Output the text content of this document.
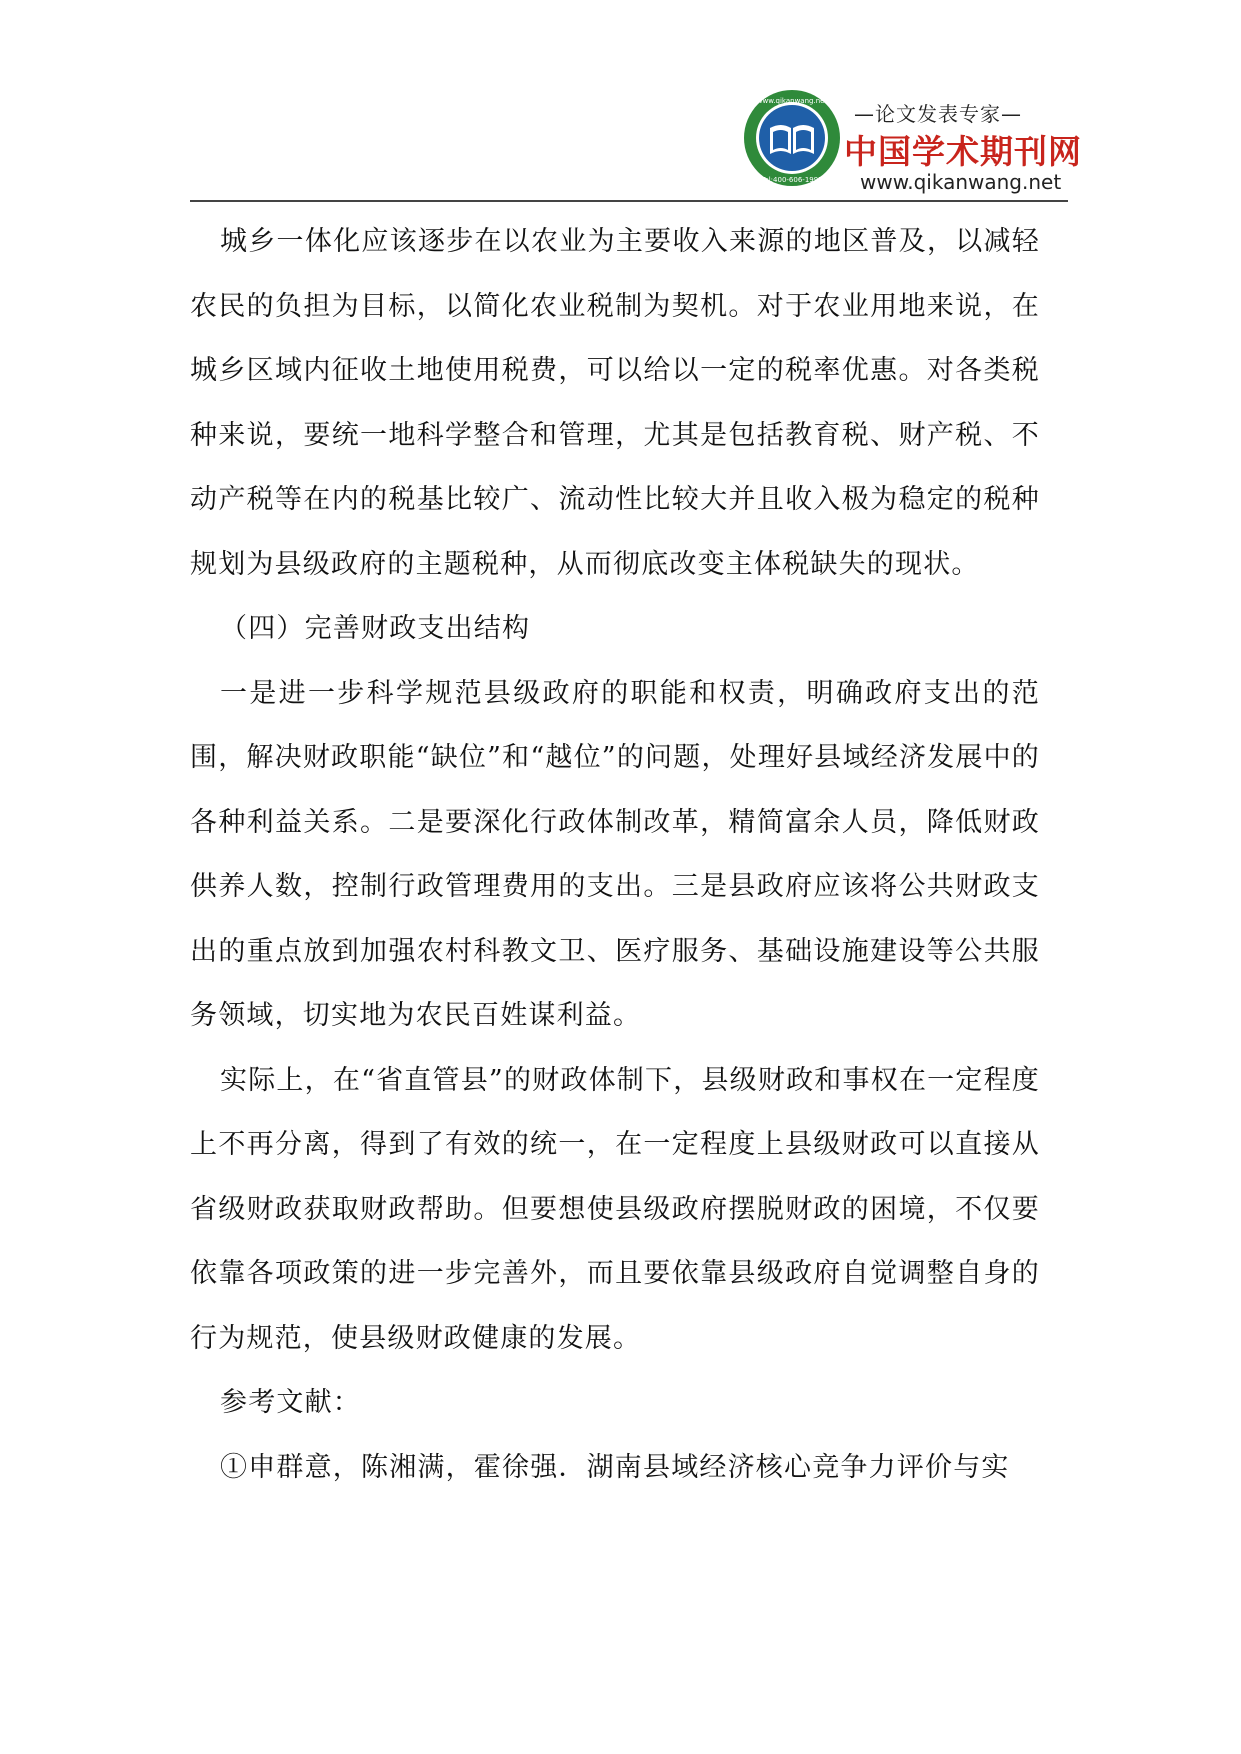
www.qikanwang.net
Tel:400-606-1997
—论文发表专家—
中国学术期刊网
www.qikanwang.net

城乡一体化应该逐步在以农业为主要收入来源的地区普及，以减轻农民的负担为目标，以简化农业税制为契机。对于农业用地来说，在城乡区域内征收土地使用税费，可以给以一定的税率优惠。对各类税种来说，要统一地科学整合和管理，尤其是包括教育税、财产税、不动产税等在内的税基比较广、流动性比较大并且收入极为稳定的税种规划为县级政府的主题税种，从而彻底改变主体税缺失的现状。

（四）完善财政支出结构

一是进一步科学规范县级政府的职能和权责，明确政府支出的范围，解决财政职能“缺位”和“越位”的问题，处理好县域经济发展中的各种利益关系。二是要深化行政体制改革，精简富余人员，降低财政供养人数，控制行政管理费用的支出。三是县政府应该将公共财政支出的重点放到加强农村科教文卫、医疗服务、基础设施建设等公共服务领域，切实地为农民百姓谋利益。

实际上，在“省直管县”的财政体制下，县级财政和事权在一定程度上不再分离，得到了有效的统一，在一定程度上县级财政可以直接从省级财政获取财政帮助。但要想使县级政府摆脱财政的困境，不仅要依靠各项政策的进一步完善外，而且要依靠县级政府自觉调整自身的行为规范，使县级财政健康的发展。

参考文献：

①申群意，陈湘满，霍徐强．湖南县域经济核心竞争力评价与实
